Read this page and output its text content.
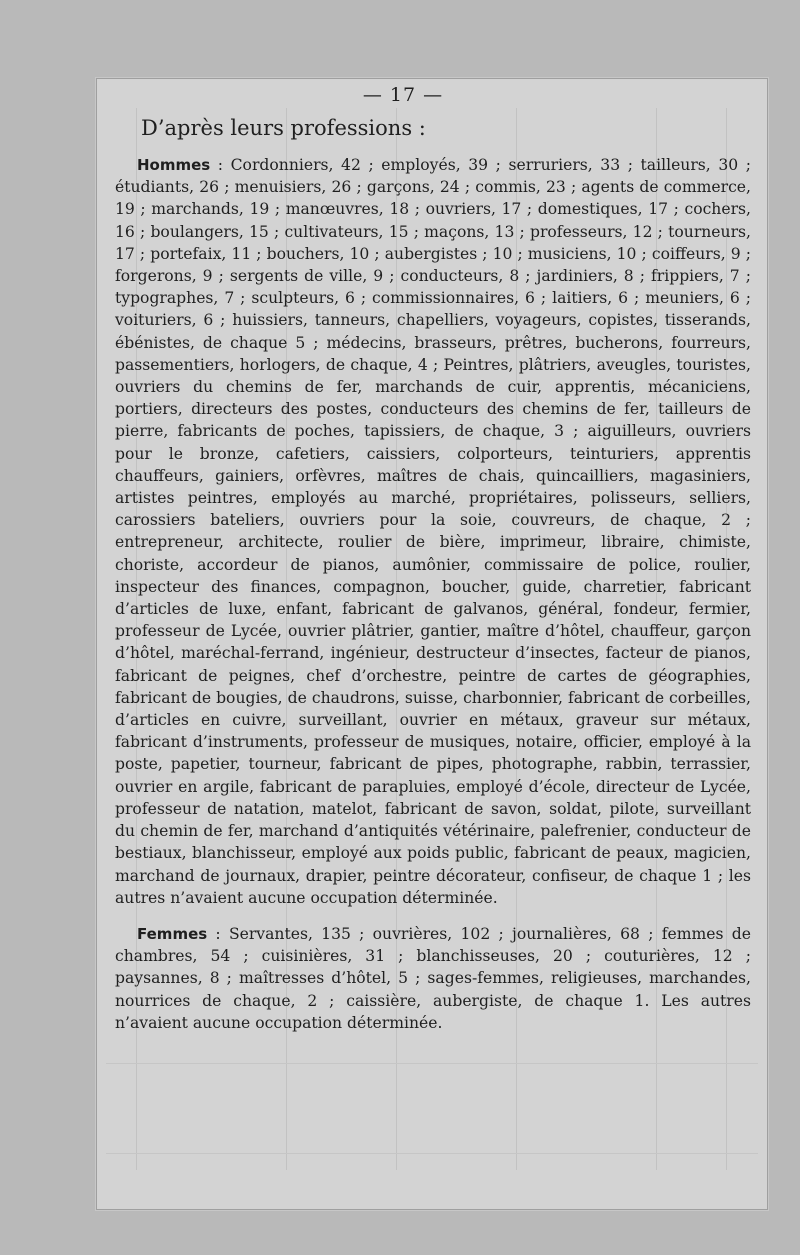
— 17 —
D’après leurs professions :

Hommes : Cordonniers, 42 ; employés, 39 ; serruriers, 33 ; tailleurs, 30 ; étudiants, 26 ; menuisiers, 26 ; garçons, 24 ; commis, 23 ; agents de commerce, 19 ; marchands, 19 ; manœuvres, 18 ; ouvriers, 17 ; domestiques, 17 ; cochers, 16 ; boulangers, 15 ; cultivateurs, 15 ; maçons, 13 ; professeurs, 12 ; tourneurs, 17 ; portefaix, 11 ; bouchers, 10 ; aubergistes ; 10 ; musiciens, 10 ; coiffeurs, 9 ; forgerons, 9 ; sergents de ville, 9 ; conducteurs, 8 ; jardiniers, 8 ; frippiers, 7 ; typographes, 7 ; sculpteurs, 6 ; commissionnaires, 6 ; laitiers, 6 ; meuniers, 6 ; voituriers, 6 ; huissiers, tanneurs, chapelliers, voyageurs, copistes, tisserands, ébénistes, de chaque 5 ; médecins, brasseurs, prêtres, bucherons, fourreurs, passementiers, horlogers, de chaque, 4 ; Peintres, plâtriers, aveugles, touristes, ouvriers du chemins de fer, marchands de cuir, apprentis, mécaniciens, portiers, directeurs des postes, conducteurs des chemins de fer, tailleurs de pierre, fabricants de poches, tapissiers, de chaque, 3 ; aiguilleurs, ouvriers pour le bronze, cafetiers, caissiers, colporteurs, teinturiers, apprentis chauffeurs, gainiers, orfèvres, maîtres de chais, quincailliers, magasiniers, artistes peintres, employés au marché, propriétaires, polisseurs, selliers, carossiers bateliers, ouvriers pour la soie, couvreurs, de chaque, 2 ; entrepreneur, architecte, roulier de bière, imprimeur, libraire, chimiste, choriste, accordeur de pianos, aumônier, commissaire de police, roulier, inspecteur des finances, compagnon, boucher, guide, charretier, fabricant d’articles de luxe, enfant, fabricant de galvanos, général, fondeur, fermier, professeur de Lycée, ouvrier plâtrier, gantier, maître d’hôtel, chauffeur, garçon d’hôtel, maréchal-ferrand, ingénieur, destructeur d’insectes, facteur de pianos, fabricant de peignes, chef d’orchestre, peintre de cartes de géographies, fabricant de bougies, de chaudrons, suisse, charbonnier, fabricant de corbeilles, d’articles en cuivre, surveillant, ouvrier en métaux, graveur sur métaux, fabricant d’instruments, professeur de musiques, notaire, officier, employé à la poste, papetier, tourneur, fabricant de pipes, photographe, rabbin, terrassier, ouvrier en argile, fabricant de parapluies, employé d’école, directeur de Lycée, professeur de natation, matelot, fabricant de savon, soldat, pilote, surveillant du chemin de fer, marchand d’antiquités vétérinaire, palefrenier, conducteur de bestiaux, blanchisseur, employé aux poids public, fabricant de peaux, magicien, marchand de journaux, drapier, peintre décorateur, confiseur, de chaque 1 ; les autres n’avaient aucune occupation déterminée.

Femmes : Servantes, 135 ; ouvrières, 102 ; journalières, 68 ; femmes de chambres, 54 ; cuisinières, 31 ; blanchisseuses, 20 ; couturières, 12 ; paysannes, 8 ; maîtresses d’hôtel, 5 ; sages-femmes, religieuses, marchandes, nourrices de chaque, 2 ; caissière, aubergiste, de chaque 1. Les autres n’avaient aucune occupation déterminée.
